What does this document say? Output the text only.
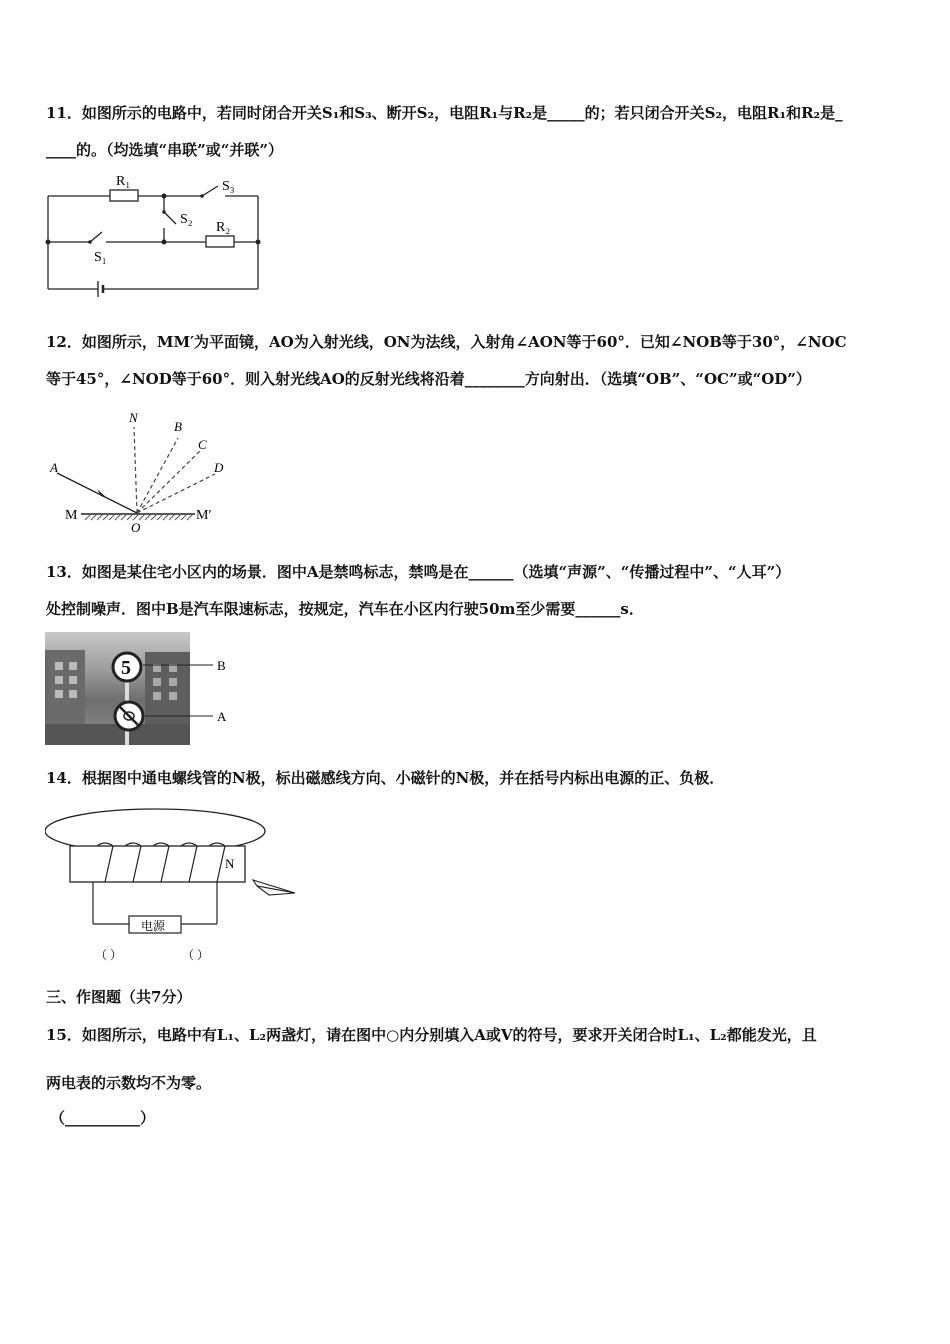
11．如图所示的电路中，若同时闭合开关S₁和S₃、断开S₂，电阻R₁与R₂是_____的；若只闭合开关S₂，电阻R₁和R₂是_
____的。（均选填“串联”或“并联”）
R₁
R₂
S₁
S₂
S₃
12．如图所示，MM′为平面镜，AO为入射光线，ON为法线，入射角∠AON等于60°．已知∠NOB等于30°，∠NOC
等于45°，∠NOD等于60°．则入射光线AO的反射光线将沿着________方向射出．（选填“OB”、“OC”或“OD”）
N
B
C
D
A
O
M	M′
13．如图是某住宅小区内的场景．图中A是禁鸣标志，禁鸣是在______（选填“声源”、“传播过程中”、“人耳”）
处控制噪声．图中B是汽车限速标志，按规定，汽车在小区内行驶50m至少需要______s．
5	B
A
14．根据图中通电螺线管的N极，标出磁感线方向、小磁针的N极，并在括号内标出电源的正、负极．
N
电源
（ ）	（ ）
三、作图题（共7分）
15．如图所示，电路中有L₁、L₂两盏灯，请在图中○内分别填入A或V的符号，要求开关闭合时L₁、L₂都能发光，且
两电表的示数均不为零。
（__________）
